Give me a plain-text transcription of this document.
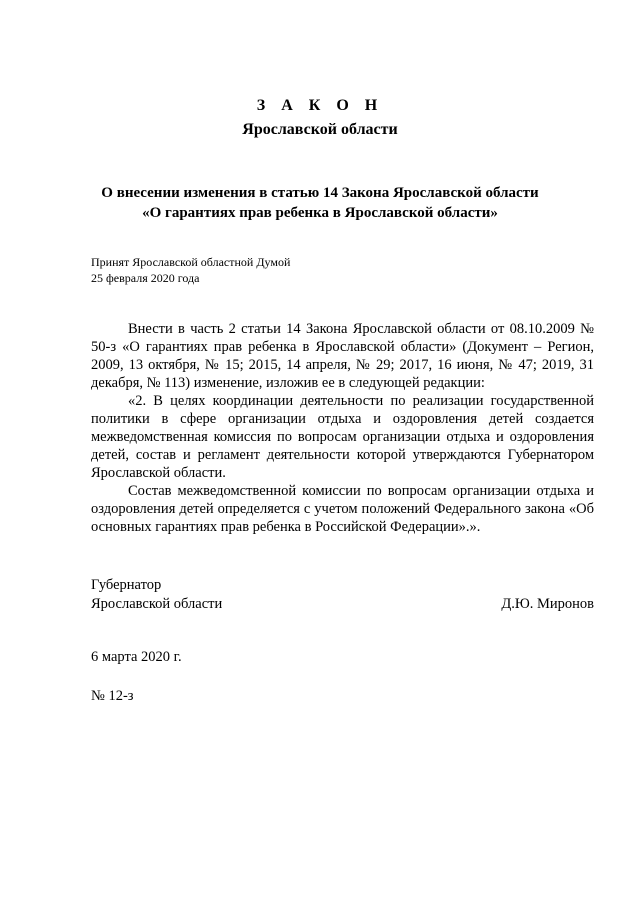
З А К О Н
Ярославской области
О внесении изменения в статью 14 Закона Ярославской области
«О гарантиях прав ребенка в Ярославской области»
Принят Ярославской областной Думой
25 февраля 2020 года

Внести в часть 2 статьи 14 Закона Ярославской области от 08.10.2009 № 50-з «О гарантиях прав ребенка в Ярославской области» (Документ – Регион, 2009, 13 октября, № 15; 2015, 14 апреля, № 29; 2017, 16 июня, № 47; 2019, 31 декабря, № 113) изменение, изложив ее в следующей редакции:

«2. В целях координации деятельности по реализации государственной политики в сфере организации отдыха и оздоровления детей создается межведомственная комиссия по вопросам организации отдыха и оздоровления детей, состав и регламент деятельности которой утверждаются Губернатором Ярославской области.

Состав межведомственной комиссии по вопросам организации отдыха и оздоровления детей определяется с учетом положений Федерального закона «Об основных гарантиях прав ребенка в Российской Федерации».».

Губернатор
Ярославской области	Д.Ю. Миронов
6 марта 2020 г.
№ 12-з
